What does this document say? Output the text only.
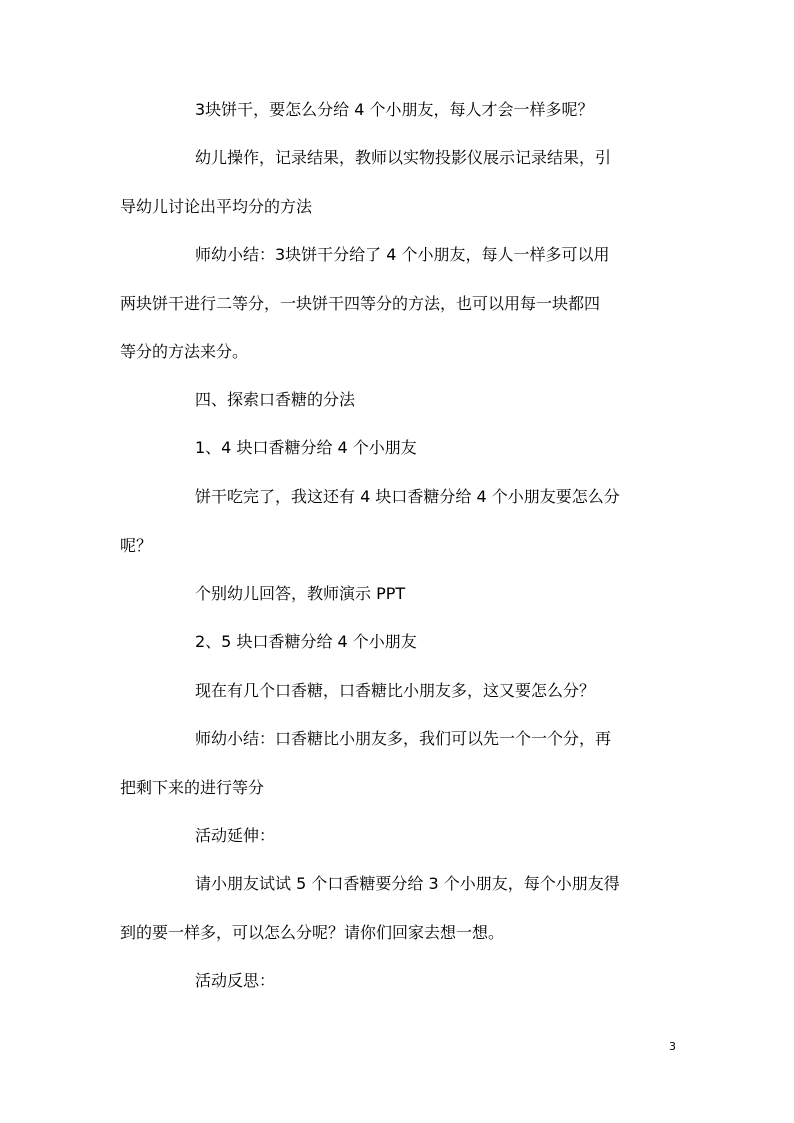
3块饼干，要怎么分给 4 个小朋友，每人才会一样多呢？
幼儿操作，记录结果，教师以实物投影仪展示记录结果，引
导幼儿讨论出平均分的方法
师幼小结：3块饼干分给了 4 个小朋友，每人一样多可以用
两块饼干进行二等分，一块饼干四等分的方法，也可以用每一块都四
等分的方法来分。
四、探索口香糖的分法
1、4 块口香糖分给 4 个小朋友
饼干吃完了，我这还有 4 块口香糖分给 4 个小朋友要怎么分
呢？
个别幼儿回答，教师演示 PPT
2、5 块口香糖分给 4 个小朋友
现在有几个口香糖，口香糖比小朋友多，这又要怎么分？
师幼小结：口香糖比小朋友多，我们可以先一个一个分，再
把剩下来的进行等分
活动延伸：
请小朋友试试 5 个口香糖要分给 3 个小朋友，每个小朋友得
到的要一样多，可以怎么分呢？请你们回家去想一想。
活动反思：
3
